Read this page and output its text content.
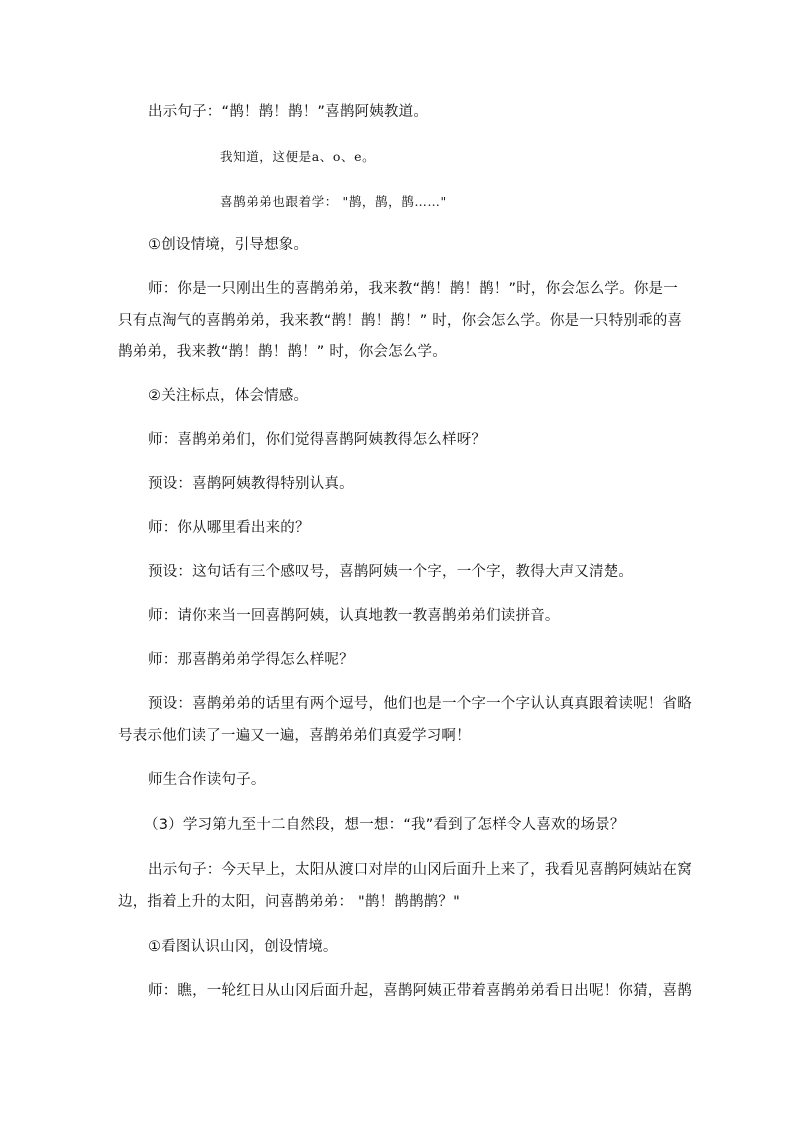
出示句子：“鹊！鹊！鹊！”喜鹊阿姨教道。
我知道，这便是a、o、e。
喜鹊弟弟也跟着学： "鹊，鹊，鹊……"
①创设情境，引导想象。
师：你是一只刚出生的喜鹊弟弟，我来教“鹊！鹊！鹊！”时，你会怎么学。你是一
只有点淘气的喜鹊弟弟，我来教“鹊！鹊！鹊！” 时，你会怎么学。你是一只特别乖的喜
鹊弟弟，我来教“鹊！鹊！鹊！” 时，你会怎么学。
②关注标点，体会情感。
师：喜鹊弟弟们，你们觉得喜鹊阿姨教得怎么样呀？
预设：喜鹊阿姨教得特别认真。
师：你从哪里看出来的？
预设：这句话有三个感叹号，喜鹊阿姨一个字，一个字，教得大声又清楚。
师：请你来当一回喜鹊阿姨，认真地教一教喜鹊弟弟们读拼音。
师：那喜鹊弟弟学得怎么样呢？
预设：喜鹊弟弟的话里有两个逗号，他们也是一个字一个字认认真真跟着读呢！省略
号表示他们读了一遍又一遍，喜鹊弟弟们真爱学习啊！
师生合作读句子。
（3）学习第九至十二自然段，想一想：“我”看到了怎样令人喜欢的场景？
出示句子：今天早上，太阳从渡口对岸的山冈后面升上来了，我看见喜鹊阿姨站在窝
边，指着上升的太阳，问喜鹊弟弟： "鹊！鹊鹊鹊？"
①看图认识山冈，创设情境。
师：瞧，一轮红日从山冈后面升起，喜鹊阿姨正带着喜鹊弟弟看日出呢！你猜，喜鹊
